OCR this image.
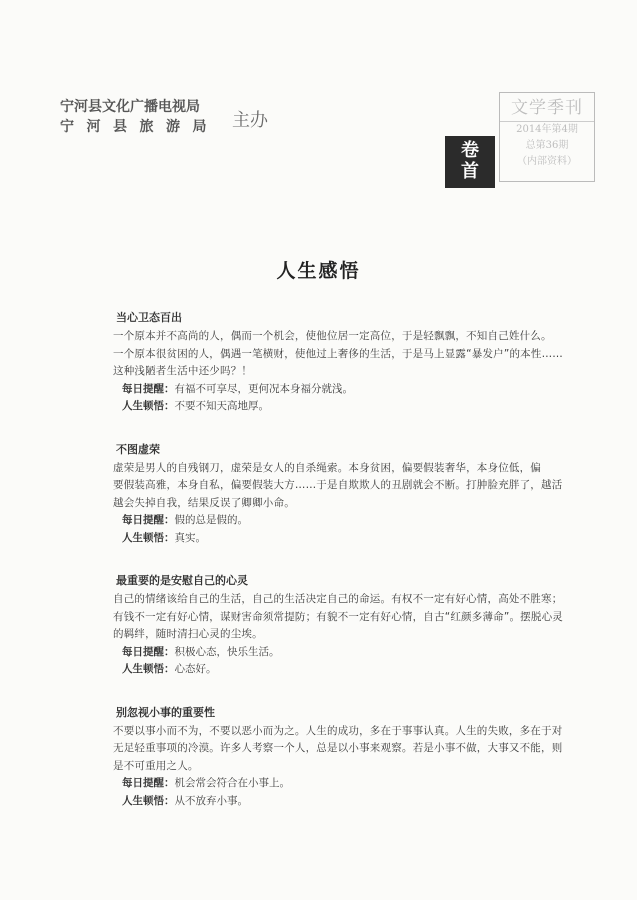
宁河县文化广播电视局
宁河县旅游局 主办
文学季刊
2014年第4期
总第36期
（内部资料）
卷
首
人生感悟
当心卫态百出
一个原本并不高尚的人，偶而一个机会，使他位居一定高位，于是轻飘飘，不知自己姓什么。
一个原本很贫困的人，偶遇一笔横财，使他过上奢侈的生活，于是马上显露“暴发户”的本性……
这种浅陋者生活中还少吗？！
每日提醒：有福不可享尽，更何况本身福分就浅。
人生顿悟：不要不知天高地厚。
不图虚荣
虚荣是男人的自残钢刀，虚荣是女人的自杀绳索。本身贫困，偏要假装奢华，本身位低，偏
要假装高雅，本身自私，偏要假装大方……于是自欺欺人的丑剧就会不断。打肿脸充胖了，越活
越会失掉自我，结果反误了卿卿小命。
每日提醒：假的总是假的。
人生顿悟：真实。
最重要的是安慰自己的心灵
自己的情绪该给自己的生活，自己的生活决定自己的命运。有权不一定有好心情，高处不胜寒；
有钱不一定有好心情，谋财害命须常提防；有貌不一定有好心情，自古“红颜多薄命”。摆脱心灵
的羁绊，随时清扫心灵的尘埃。
每日提醒：积极心态，快乐生活。
人生顿悟：心态好。
别忽视小事的重要性
不要以事小而不为，不要以恶小而为之。人生的成功，多在于事事认真。人生的失败，多在于对
无足轻重事项的冷漠。许多人考察一个人，总是以小事来观察。若是小事不做，大事又不能，则
是不可重用之人。
每日提醒：机会常会符合在小事上。
人生顿悟：从不放弃小事。
